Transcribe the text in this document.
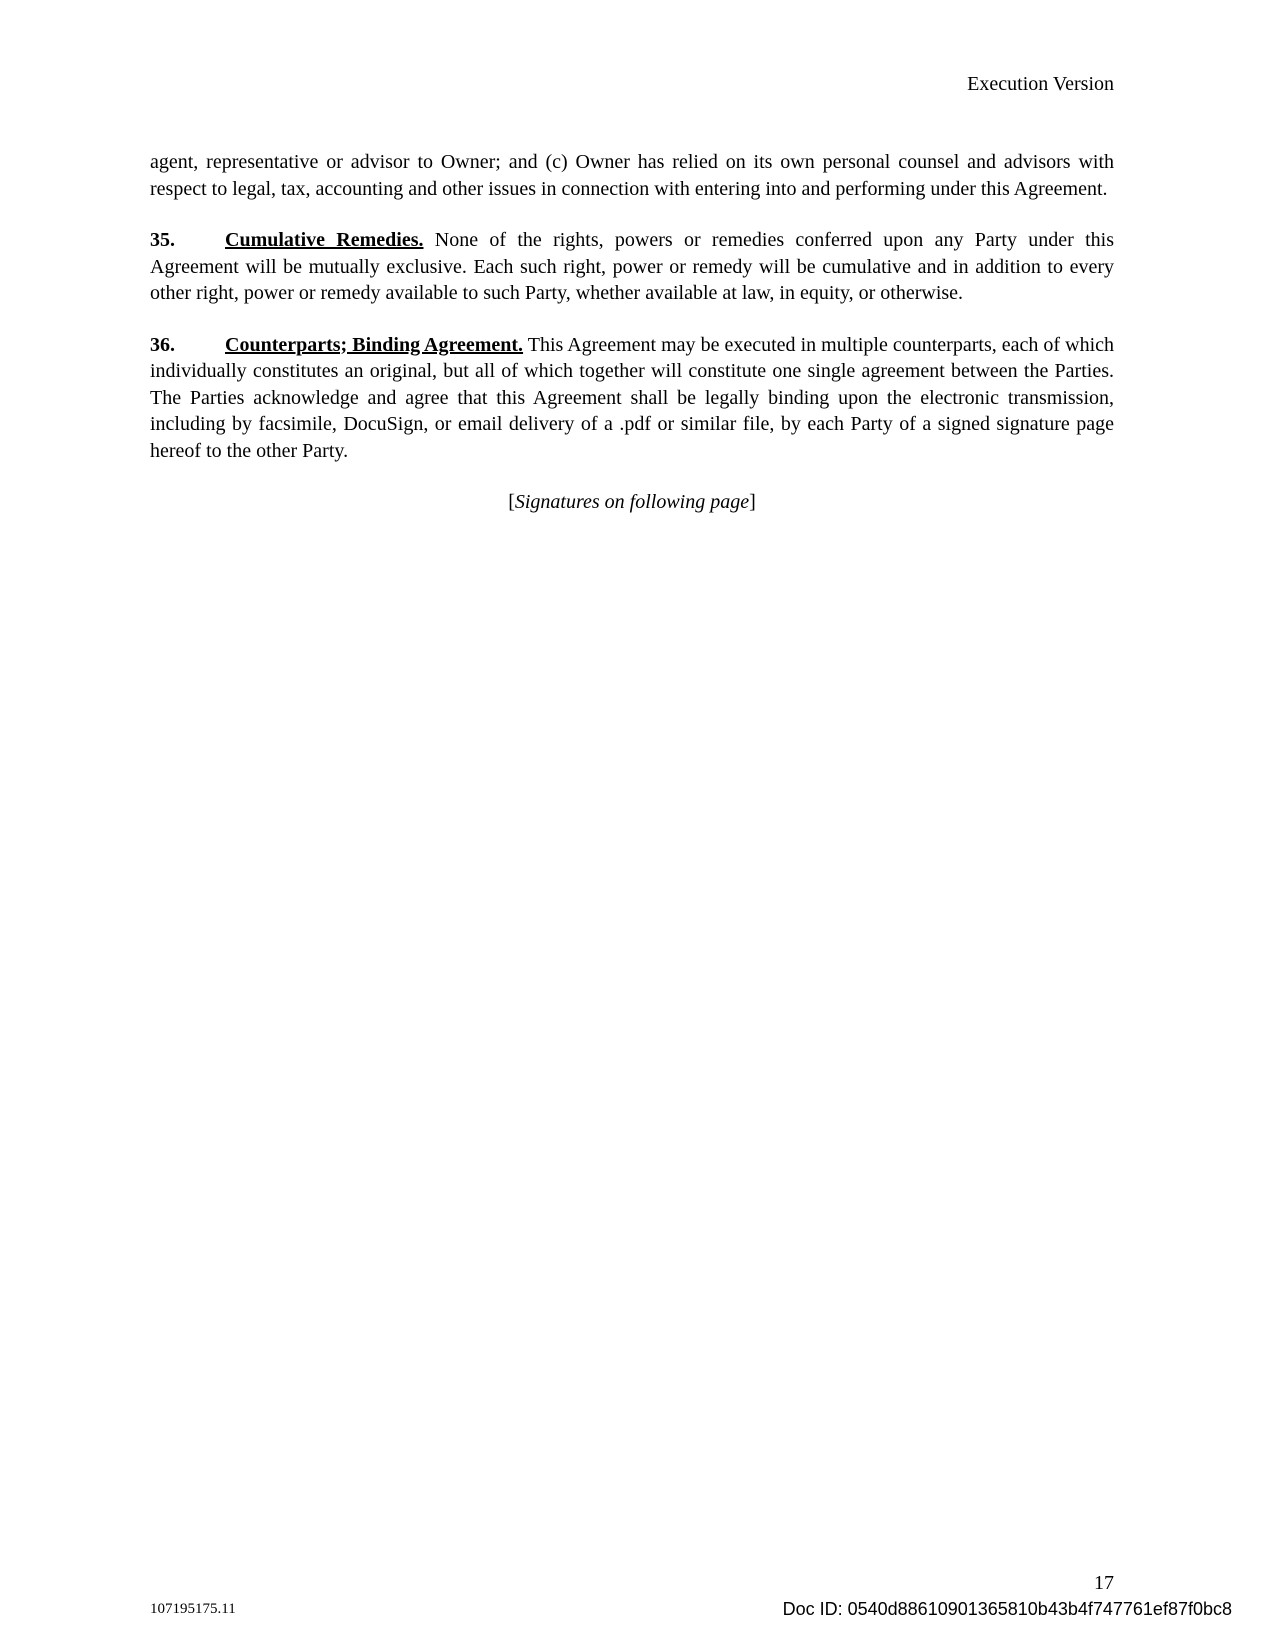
Execution Version

agent, representative or advisor to Owner; and (c) Owner has relied on its own personal counsel and advisors with respect to legal, tax, accounting and other issues in connection with entering into and performing under this Agreement.

35.	Cumulative Remedies. None of the rights, powers or remedies conferred upon any Party under this Agreement will be mutually exclusive. Each such right, power or remedy will be cumulative and in addition to every other right, power or remedy available to such Party, whether available at law, in equity, or otherwise.

36.	Counterparts; Binding Agreement. This Agreement may be executed in multiple counterparts, each of which individually constitutes an original, but all of which together will constitute one single agreement between the Parties. The Parties acknowledge and agree that this Agreement shall be legally binding upon the electronic transmission, including by facsimile, DocuSign, or email delivery of a .pdf or similar file, by each Party of a signed signature page hereof to the other Party.

[Signatures on following page]

17
107195175.11	Doc ID: 0540d88610901365810b43b4f747761ef87f0bc8
